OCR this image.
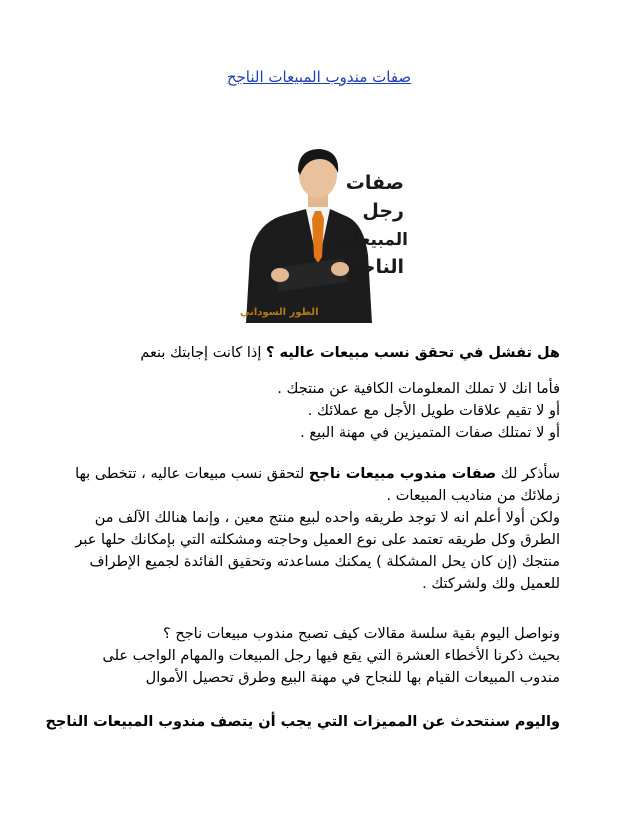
صفات مندوب المبيعات الناجح
صفات
رجل
المبيعات
الناجح
الطور السوداني
هل تفشل في تحقق نسب مبيعات عاليه ؟ إذا كانت إجابتك بنعم
فأما انك لا تملك المعلومات الكافية عن منتجك .
أو لا تقيم علاقات طويل الأجل مع عملائك .
أو لا تمتلك صفات المتميزين في مهنة البيع .
سأذكر لك صفات مندوب مبيعات ناجح لتحقق نسب مبيعات عاليه ، تتخطى بها
زملائك من مناديب المبيعات .
ولكن أولا أعلم انه لا توجد طريقه واحده لبيع منتج معين ، وإنما هنالك الآلف من
الطرق وكل طريقه تعتمد على نوع العميل وحاجته ومشكلته التي بإمكانك حلها عبر
منتجك (إن كان يحل المشكلة ) يمكنك مساعدته وتحقيق الفائدة لجميع الإطراف
للعميل ولك ولشركتك .
ونواصل اليوم بقية سلسة مقالات كيف تصبح مندوب مبيعات ناجح ؟
بحيث ذكرنا الأخطاء العشرة التي يقع فيها رجل المبيعات والمهام الواجب على
مندوب المبيعات القيام بها للنجاح في مهنة البيع وطرق تحصيل الأموال
واليوم سنتحدث عن المميزات التي يجب أن يتصف مندوب المبيعات الناجح
